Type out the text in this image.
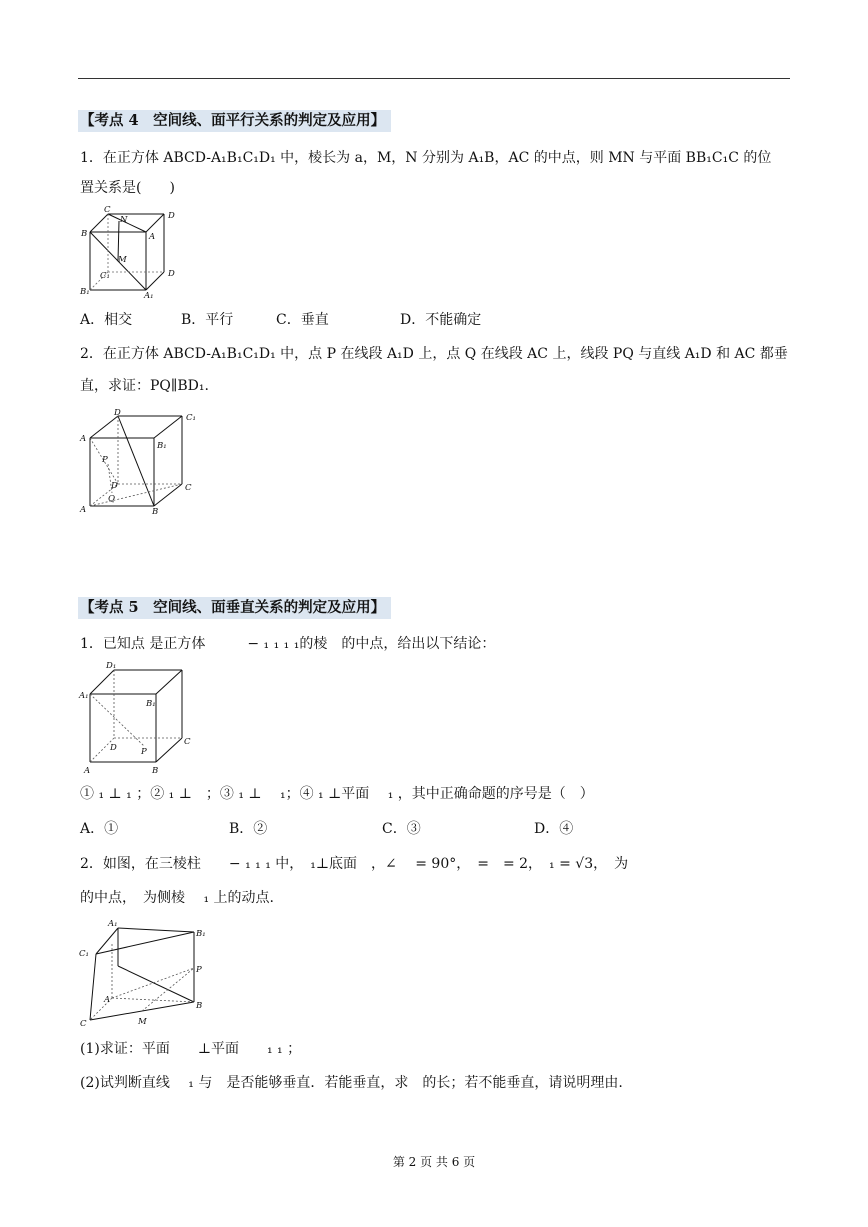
【考点 4　空间线、面平行关系的判定及应用】
1．在正方体 ABCD-A₁B₁C₁D₁ 中，棱长为 a，M，N 分别为 A₁B，AC 的中点，则 MN 与平面 BB₁C₁C 的位
置关系是(　　)
C
N	D
B	A
M
C₁	D
B₁	A₁
A．相交	B．平行	C．垂直	D．不能确定
2．在正方体 ABCD-A₁B₁C₁D₁ 中，点 P 在线段 A₁D 上，点 Q 在线段 AC 上，线段 PQ 与直线 A₁D 和 AC 都垂
直，求证：PQ∥BD₁.
D	C₁
A
B₁
P
D
Q
C
A	B
【考点 5　空间线、面垂直关系的判定及应用】
1．已知点 是正方体　　　− ₁ ₁ ₁ ₁的棱　的中点，给出以下结论：
D₁
A₁
B₁
D	P
C
A	B
① ₁ ⊥ ₁ ；② ₁ ⊥　；③ ₁ ⊥　 ₁；④ ₁ ⊥平面　 ₁ ，其中正确命题的序号是（　）
A．①	B．②	C．③	D．④
2．如图，在三棱柱　　− ₁ ₁ ₁ 中，　₁⊥底面　，∠　 = 90°，　=　= 2，　₁ = √3，　为
的中点，　为侧棱　 ₁ 上的动点.
A₁
B₁
C₁
P
A
B
C	M
(1)求证：平面　　⊥平面　　₁ ₁ ；
(2)试判断直线　 ₁ 与　是否能够垂直．若能垂直，求　的长；若不能垂直，请说明理由.
第 2 页 共 6 页
